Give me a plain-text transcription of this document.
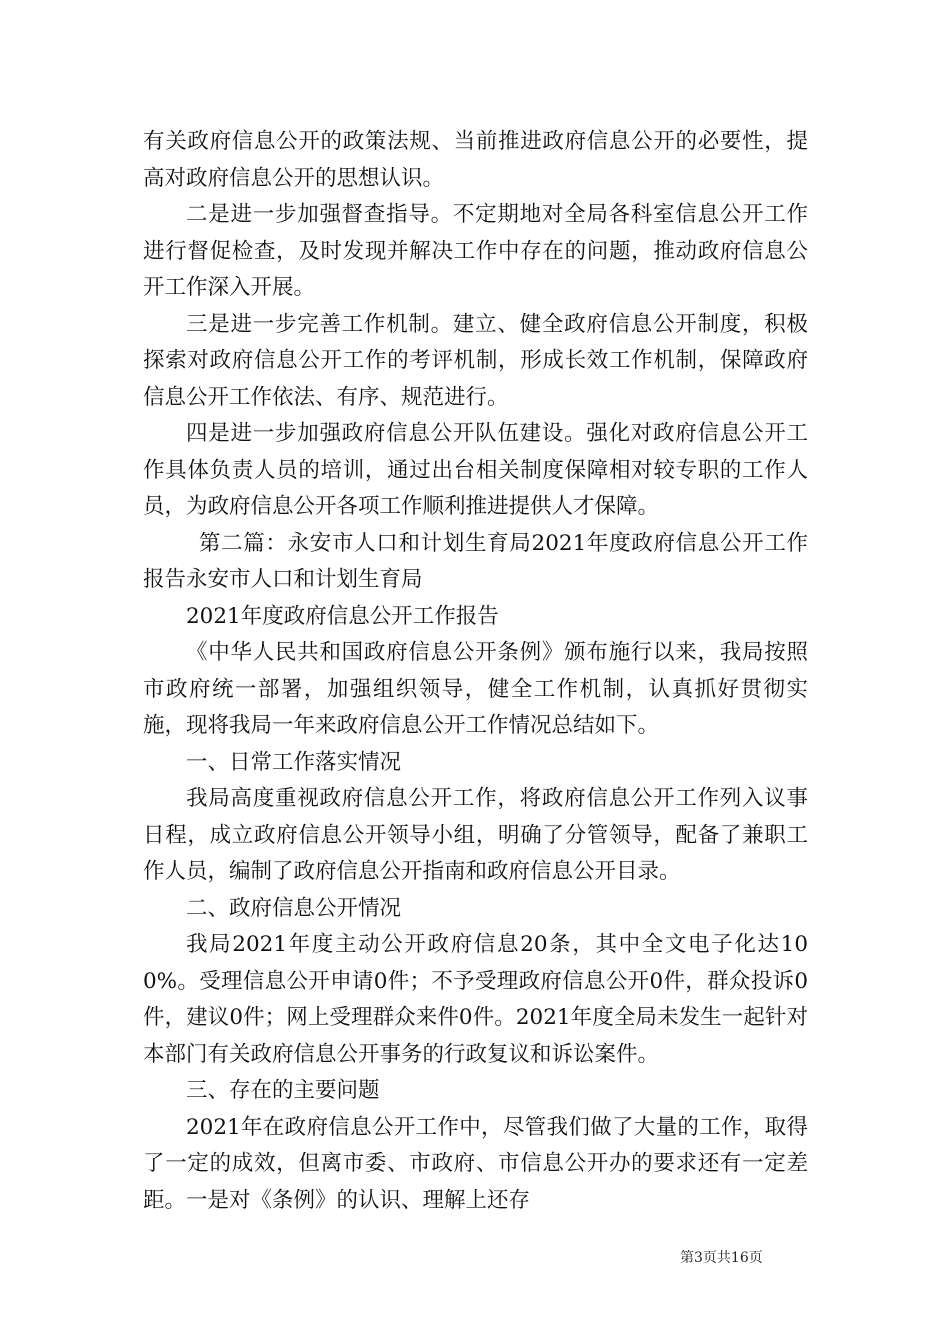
有关政府信息公开的政策法规、当前推进政府信息公开的必要性，提高对政府信息公开的思想认识。

二是进一步加强督查指导。不定期地对全局各科室信息公开工作进行督促检查，及时发现并解决工作中存在的问题，推动政府信息公开工作深入开展。

三是进一步完善工作机制。建立、健全政府信息公开制度，积极探索对政府信息公开工作的考评机制，形成长效工作机制，保障政府信息公开工作依法、有序、规范进行。

四是进一步加强政府信息公开队伍建设。强化对政府信息公开工作具体负责人员的培训，通过出台相关制度保障相对较专职的工作人员，为政府信息公开各项工作顺利推进提供人才保障。

第二篇：永安市人口和计划生育局2021年度政府信息公开工作报告永安市人口和计划生育局

2021年度政府信息公开工作报告

《中华人民共和国政府信息公开条例》颁布施行以来，我局按照市政府统一部署，加强组织领导，健全工作机制，认真抓好贯彻实施，现将我局一年来政府信息公开工作情况总结如下。

一、日常工作落实情况

我局高度重视政府信息公开工作，将政府信息公开工作列入议事日程，成立政府信息公开领导小组，明确了分管领导，配备了兼职工作人员，编制了政府信息公开指南和政府信息公开目录。

二、政府信息公开情况

我局2021年度主动公开政府信息20条，其中全文电子化达100%。受理信息公开申请0件；不予受理政府信息公开0件，群众投诉0件，建议0件；网上受理群众来件0件。2021年度全局未发生一起针对本部门有关政府信息公开事务的行政复议和诉讼案件。

三、存在的主要问题

2021年在政府信息公开工作中，尽管我们做了大量的工作，取得了一定的成效，但离市委、市政府、市信息公开办的要求还有一定差距。一是对《条例》的认识、理解上还存

第3页共16页
